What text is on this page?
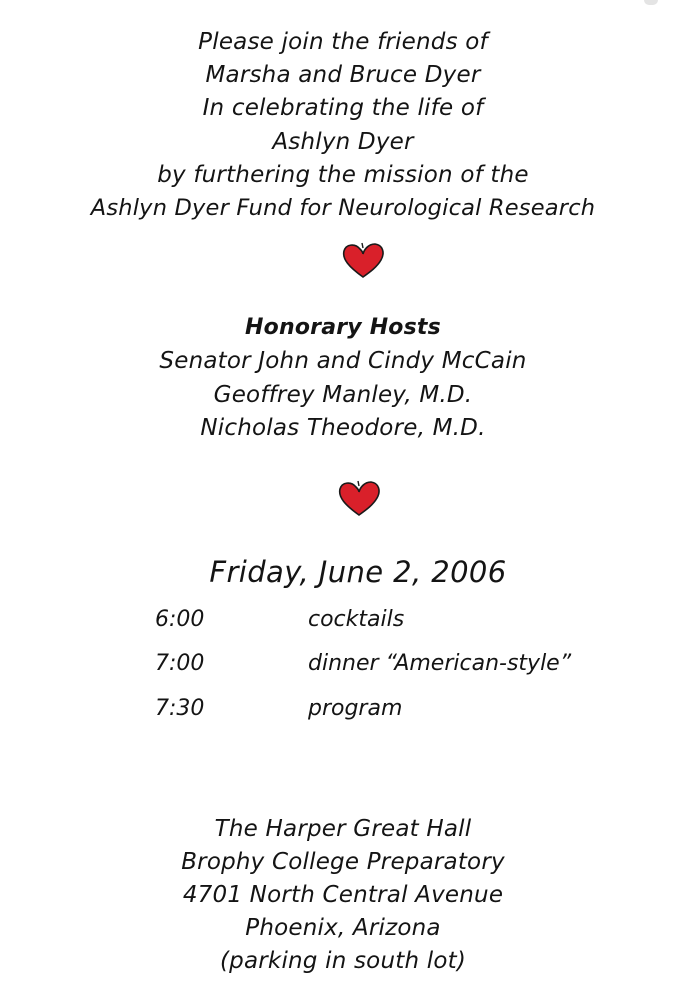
Please join the friends of
Marsha and Bruce Dyer
In celebrating the life of
Ashlyn Dyer
by furthering the mission of the
Ashlyn Dyer Fund for Neurological Research
Honorary Hosts
Senator John and Cindy McCain
Geoffrey Manley, M.D.
Nicholas Theodore, M.D.
Friday, June 2, 2006
6:00	cocktails
7:00	dinner “American-style”
7:30	program
The Harper Great Hall
Brophy College Preparatory
4701 North Central Avenue
Phoenix, Arizona
(parking in south lot)
